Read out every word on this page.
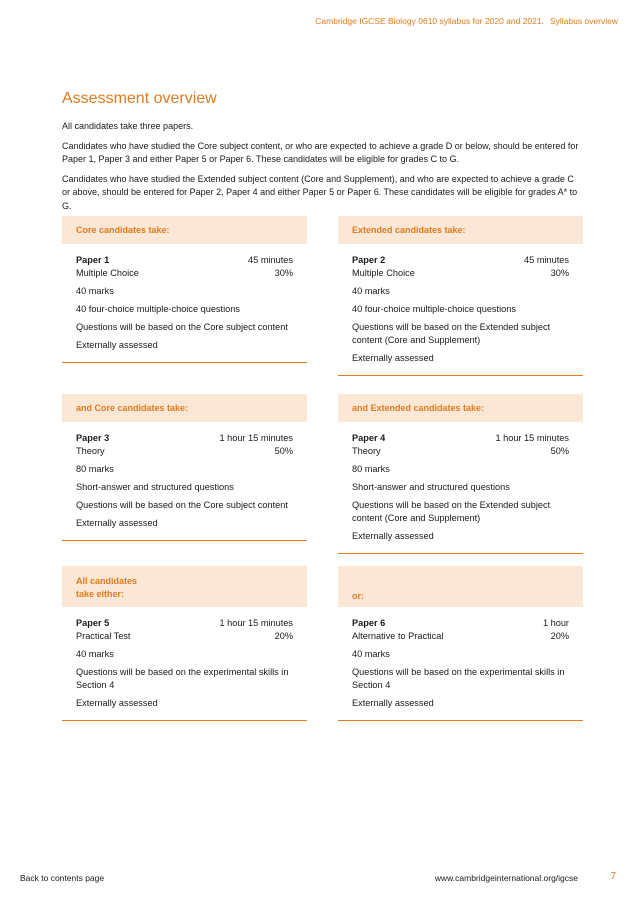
Cambridge IGCSE Biology 0610 syllabus for 2020 and 2021. Syllabus overview
Assessment overview

All candidates take three papers.

Candidates who have studied the Core subject content, or who are expected to achieve a grade D or below, should be entered for Paper 1, Paper 3 and either Paper 5 or Paper 6. These candidates will be eligible for grades C to G.

Candidates who have studied the Extended subject content (Core and Supplement), and who are expected to achieve a grade C or above, should be entered for Paper 2, Paper 4 and either Paper 5 or Paper 6. These candidates will be eligible for grades A* to G.

Core candidates take:
Paper 1	45 minutes
Multiple Choice	30%

40 marks

40 four-choice multiple-choice questions

Questions will be based on the Core subject content

Externally assessed

Extended candidates take:
Paper 2	45 minutes
Multiple Choice	30%

40 marks

40 four-choice multiple-choice questions

Questions will be based on the Extended subject content (Core and Supplement)

Externally assessed

and Core candidates take:
Paper 3	1 hour 15 minutes
Theory	50%

80 marks

Short-answer and structured questions

Questions will be based on the Core subject content

Externally assessed

and Extended candidates take:
Paper 4	1 hour 15 minutes
Theory	50%

80 marks

Short-answer and structured questions

Questions will be based on the Extended subject content (Core and Supplement)

Externally assessed

All candidates take either:
Paper 5	1 hour 15 minutes
Practical Test	20%

40 marks

Questions will be based on the experimental skills in Section 4

Externally assessed

or:
Paper 6	1 hour
Alternative to Practical	20%

40 marks

Questions will be based on the experimental skills in Section 4

Externally assessed

Back to contents page	www.cambridgeinternational.org/igcse	7
